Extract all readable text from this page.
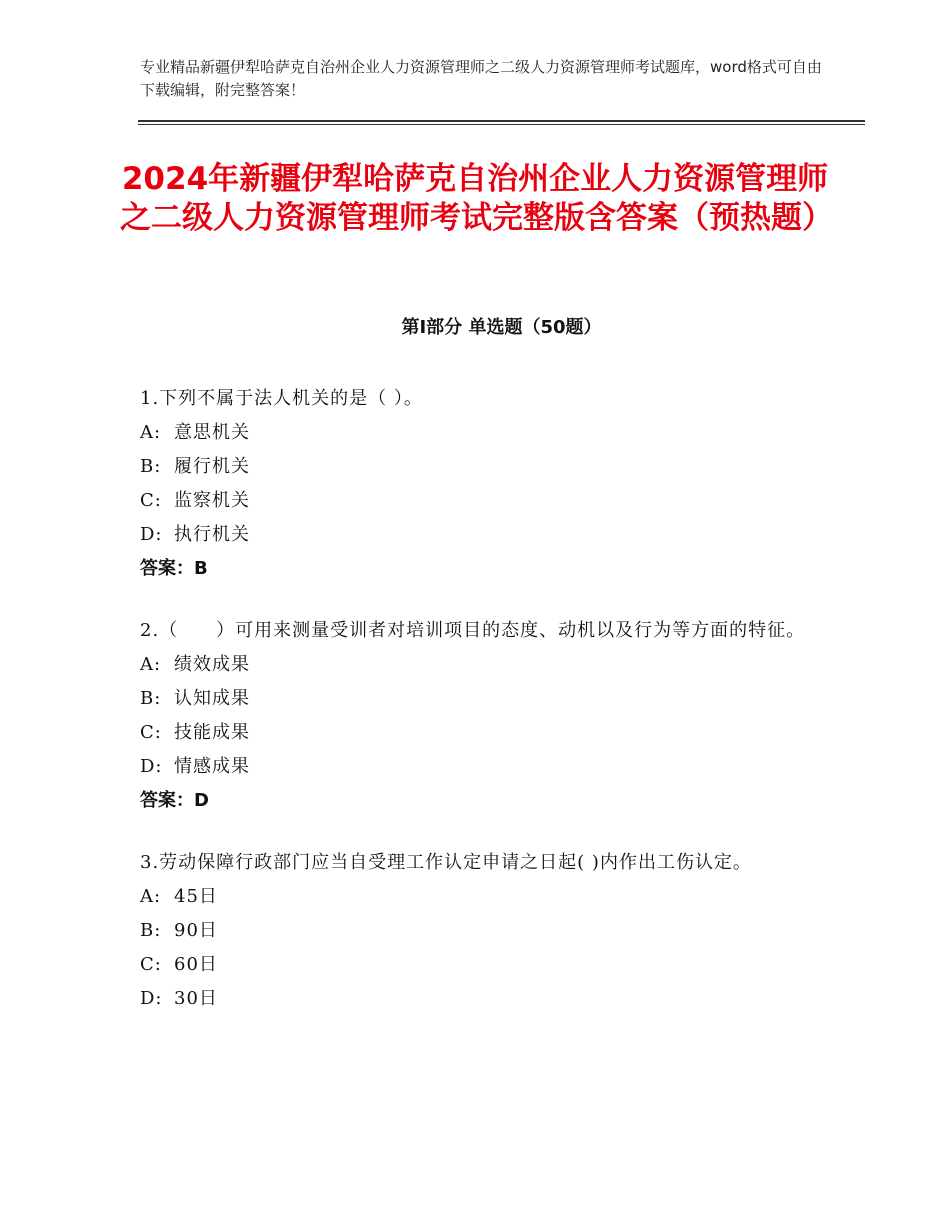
专业精品新疆伊犁哈萨克自治州企业人力资源管理师之二级人力资源管理师考试题库，word格式可自由下载编辑，附完整答案！
2024年新疆伊犁哈萨克自治州企业人力资源管理师之二级人力资源管理师考试完整版含答案（预热题）
第Ⅰ部分 单选题（50题）
1.下列不属于法人机关的是（ ）。
A: 意思机关
B: 履行机关
C: 监察机关
D: 执行机关
答案：B
2.（　　）可用来测量受训者对培训项目的态度、动机以及行为等方面的特征。
A: 绩效成果
B: 认知成果
C: 技能成果
D: 情感成果
答案：D
3.劳动保障行政部门应当自受理工作认定申请之日起( )内作出工伤认定。
A: 45日
B: 90日
C: 60日
D: 30日
